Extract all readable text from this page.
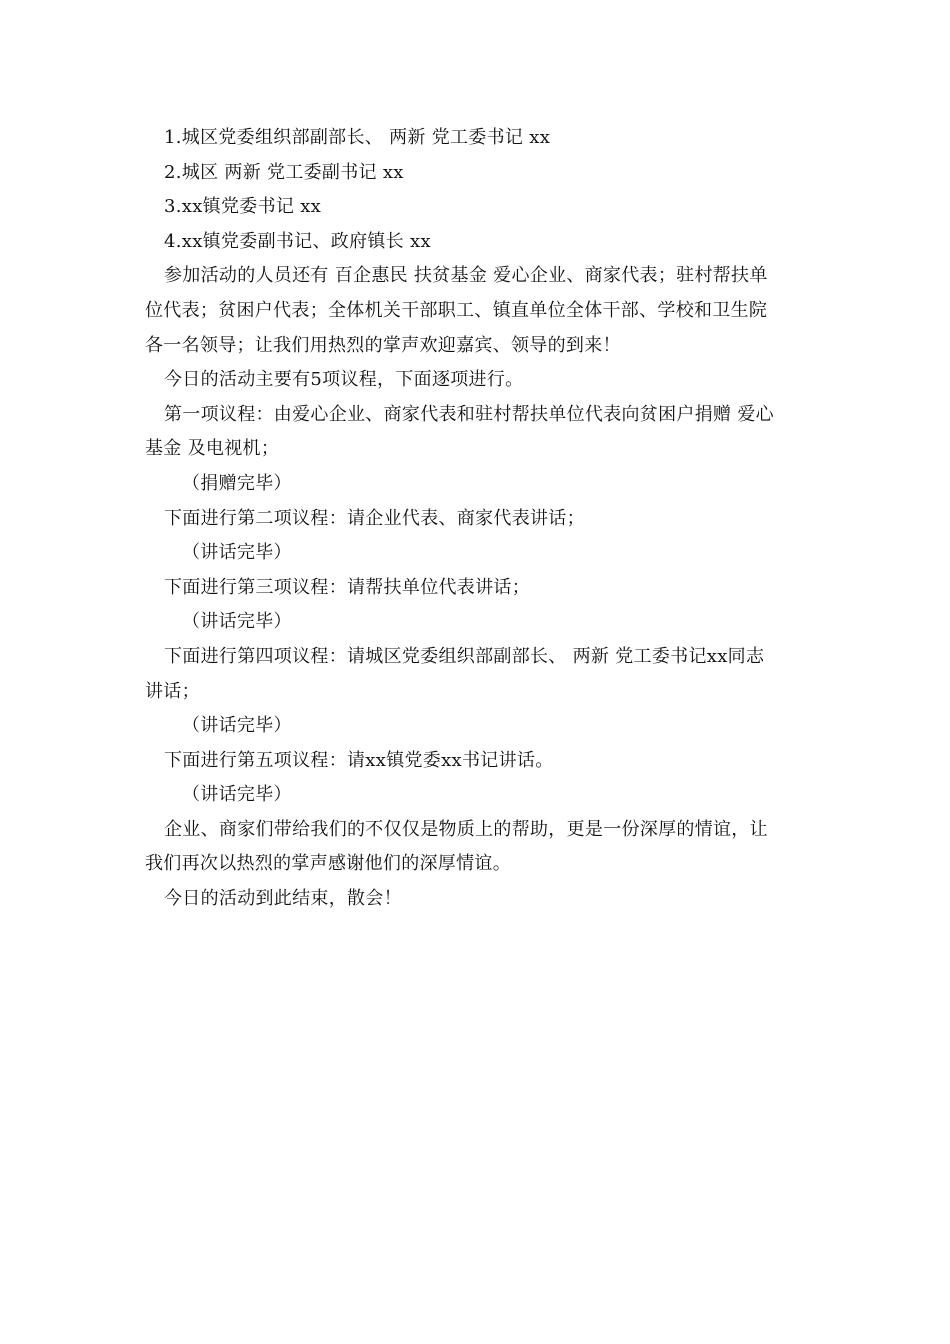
1.城区党委组织部副部长、 两新 党工委书记 xx
2.城区 两新 党工委副书记 xx
3.xx镇党委书记 xx
4.xx镇党委副书记、政府镇长 xx
参加活动的人员还有 百企惠民 扶贫基金 爱心企业、商家代表；驻村帮扶单
位代表；贫困户代表；全体机关干部职工、镇直单位全体干部、学校和卫生院
各一名领导；让我们用热烈的掌声欢迎嘉宾、领导的到来！
今日的活动主要有5项议程，下面逐项进行。
第一项议程：由爱心企业、商家代表和驻村帮扶单位代表向贫困户捐赠 爱心
基金 及电视机；
（捐赠完毕）
下面进行第二项议程：请企业代表、商家代表讲话；
（讲话完毕）
下面进行第三项议程：请帮扶单位代表讲话；
（讲话完毕）
下面进行第四项议程：请城区党委组织部副部长、 两新 党工委书记xx同志
讲话；
（讲话完毕）
下面进行第五项议程：请xx镇党委xx书记讲话。
（讲话完毕）
企业、商家们带给我们的不仅仅是物质上的帮助，更是一份深厚的情谊，让
我们再次以热烈的掌声感谢他们的深厚情谊。
今日的活动到此结束，散会！
